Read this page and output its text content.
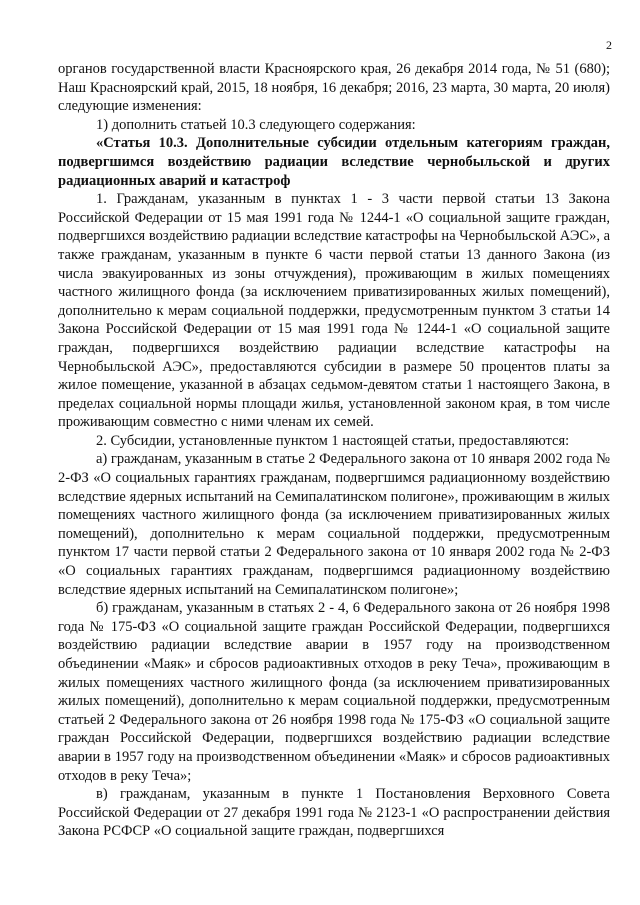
2

органов государственной власти Красноярского края, 26 декабря 2014 года, № 51 (680); Наш Красноярский край, 2015, 18 ноября, 16 декабря; 2016, 23 марта, 30 марта, 20 июля) следующие изменения:

1) дополнить статьей 10.3 следующего содержания:

«Статья 10.3. Дополнительные субсидии отдельным категориям граждан, подвергшимся воздействию радиации вследствие чернобыльской и других радиационных аварий и катастроф

1. Гражданам, указанным в пунктах 1 - 3 части первой статьи 13 Закона Российской Федерации от 15 мая 1991 года № 1244-1 «О социальной защите граждан, подвергшихся воздействию радиации вследствие катастрофы на Чернобыльской АЭС», а также гражданам, указанным в пункте 6 части первой статьи 13 данного Закона (из числа эвакуированных из зоны отчуждения), проживающим в жилых помещениях частного жилищного фонда (за исключением приватизированных жилых помещений), дополнительно к мерам социальной поддержки, предусмотренным пунктом 3 статьи 14 Закона Российской Федерации от 15 мая 1991 года № 1244-1 «О социальной защите граждан, подвергшихся воздействию радиации вследствие катастрофы на Чернобыльской АЭС», предоставляются субсидии в размере 50 процентов платы за жилое помещение, указанной в абзацах седьмом-девятом статьи 1 настоящего Закона, в пределах социальной нормы площади жилья, установленной законом края, в том числе проживающим совместно с ними членам их семей.

2. Субсидии, установленные пунктом 1 настоящей статьи, предоставляются:

а) гражданам, указанным в статье 2 Федерального закона от 10 января 2002 года № 2-ФЗ «О социальных гарантиях гражданам, подвергшимся радиационному воздействию вследствие ядерных испытаний на Семипалатинском полигоне», проживающим в жилых помещениях частного жилищного фонда (за исключением приватизированных жилых помещений), дополнительно к мерам социальной поддержки, предусмотренным пунктом 17 части первой статьи 2 Федерального закона от 10 января 2002 года № 2-ФЗ «О социальных гарантиях гражданам, подвергшимся радиационному воздействию вследствие ядерных испытаний на Семипалатинском полигоне»;

б) гражданам, указанным в статьях 2 - 4, 6 Федерального закона от 26 ноября 1998 года № 175-ФЗ «О социальной защите граждан Российской Федерации, подвергшихся воздействию радиации вследствие аварии в 1957 году на производственном объединении «Маяк» и сбросов радиоактивных отходов в реку Теча», проживающим в жилых помещениях частного жилищного фонда (за исключением приватизированных жилых помещений), дополнительно к мерам социальной поддержки, предусмотренным статьей 2 Федерального закона от 26 ноября 1998 года № 175-ФЗ «О социальной защите граждан Российской Федерации, подвергшихся воздействию радиации вследствие аварии в 1957 году на производственном объединении «Маяк» и сбросов радиоактивных отходов в реку Теча»;

в) гражданам, указанным в пункте 1 Постановления Верховного Совета Российской Федерации от 27 декабря 1991 года № 2123-1 «О распространении действия Закона РСФСР «О социальной защите граждан, подвергшихся
